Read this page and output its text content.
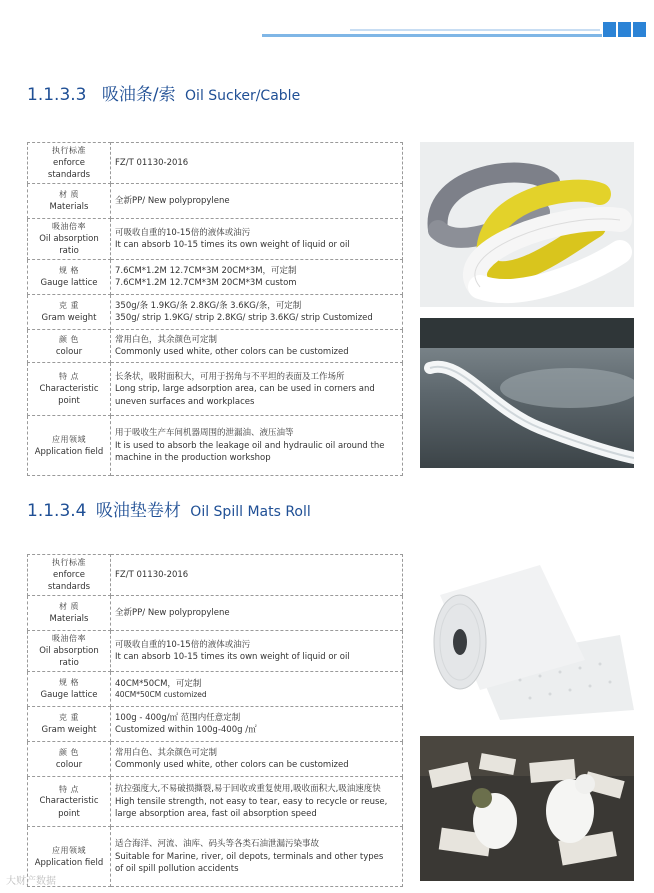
1.1.3.3 吸油条/索 Oil Sucker/Cable
执行标准
enforce standards	FZ/T 01130-2016

材 质
Materials	全新PP/ New polypropylene

吸油倍率
Oil absorption ratio	可吸收自重的10-15倍的液体或油污
It can absorb 10-15 times its own weight of liquid or oil

规 格
Gauge lattice	7.6CM*1.2M 12.7CM*3M 20CM*3M，可定制
7.6CM*1.2M 12.7CM*3M 20CM*3M custom

克 重
Gram weight	350g/条 1.9KG/条 2.8KG/条 3.6KG/条，可定制
350g/ strip 1.9KG/ strip 2.8KG/ strip 3.6KG/ strip Customized

颜 色
colour	常用白色，其余颜色可定制
Commonly used white, other colors can be customized

特 点
Characteristic point	长条状，吸附面积大，可用于拐角与不平坦的表面及工作场所
Long strip, large adsorption area, can be used in corners and
uneven surfaces and workplaces

应用领域
Application field	用于吸收生产车间机器周围的泄漏油、液压油等
It is used to absorb the leakage oil and hydraulic oil around the
machine in the production workshop
1.1.3.4 吸油垫卷材 Oil Spill Mats Roll
执行标准
enforce standards	FZ/T 01130-2016

材 质
Materials	全新PP/ New polypropylene

吸油倍率
Oil absorption ratio	可吸收自重的10-15倍的液体或油污
It can absorb 10-15 times its own weight of liquid or oil

规 格
Gauge lattice	40CM*50CM，可定制
40CM*50CM customized

克 重
Gram weight	100g - 400g/㎡ 范围内任意定制
Customized within 100g-400g /㎡

颜 色
colour	常用白色、其余颜色可定制
Commonly used white, other colors can be customized

特 点
Characteristic point	抗拉强度大,不易破损撕裂,易于回收或重复使用,吸收面积大,吸油速度快
High tensile strength, not easy to tear, easy to recycle or reuse,
large absorption area, fast oil absorption speed

应用领域
Application field	适合海洋、河流、油库、码头等各类石油泄漏污染事故
Suitable for Marine, river, oil depots, terminals and other types
of oil spill pollution accidents
大财产数据
